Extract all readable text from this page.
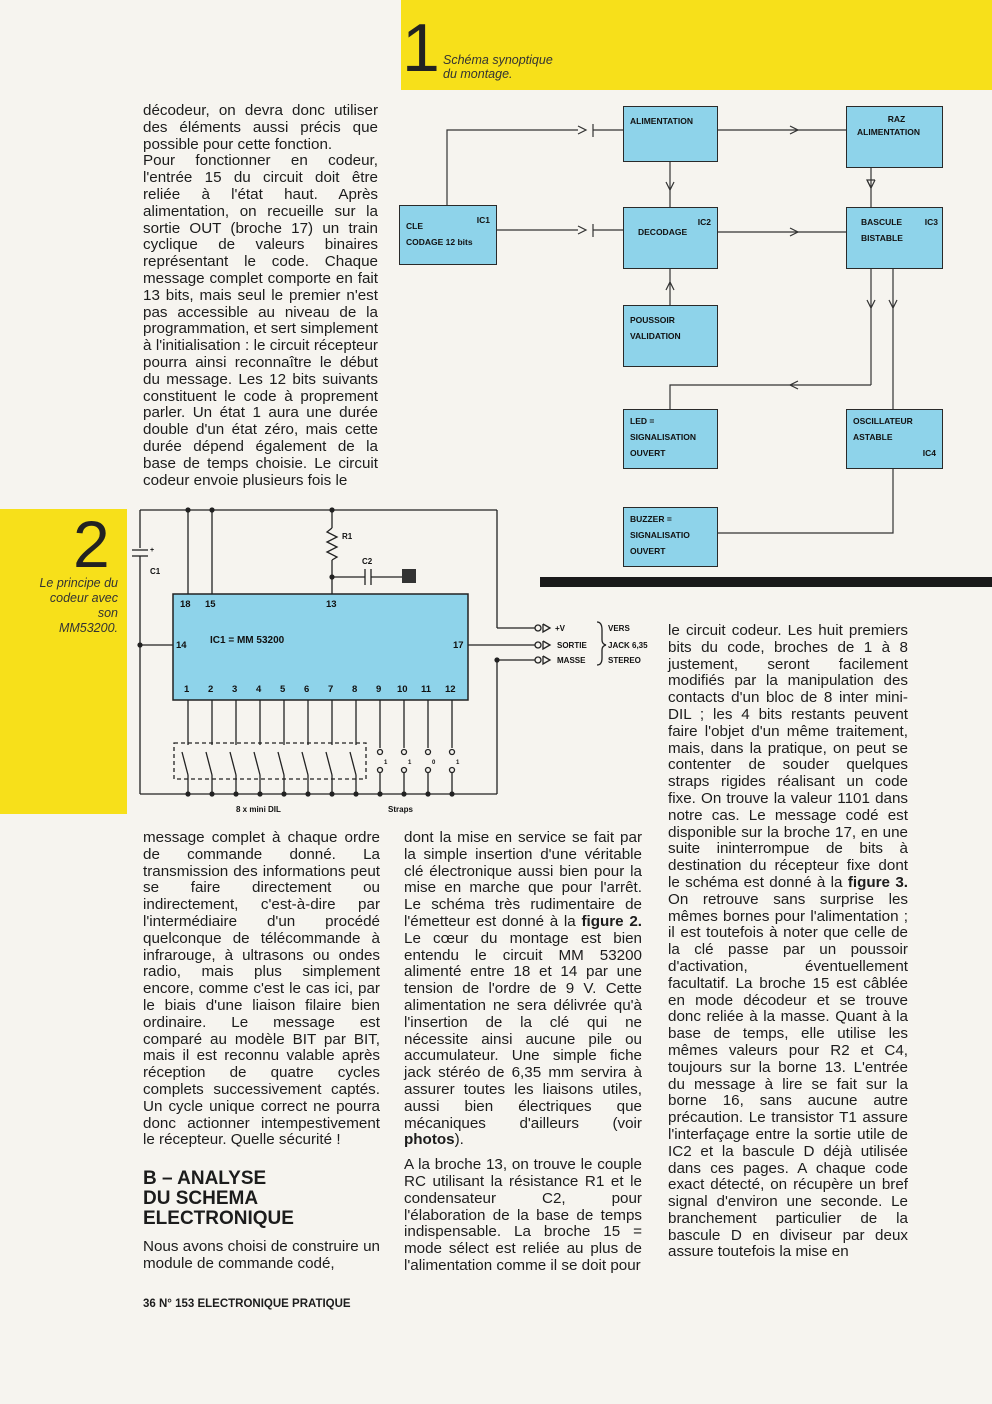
1 Schéma synoptique
du montage.
décodeur, on devra donc utiliser des éléments aussi précis que possible pour cette fonction.
Pour fonctionner en codeur, l'entrée 15 du circuit doit être reliée à l'état haut. Après alimentation, on recueille sur la sortie OUT (broche 17) un train cyclique de valeurs binaires représentant le code. Chaque message complet comporte en fait 13 bits, mais seul le premier n'est pas accessible au niveau de la programmation, et sert simplement à l'initialisation : le circuit récepteur pourra ainsi reconnaître le début du message. Les 12 bits suivants constituent le code à proprement parler. Un état 1 aura une durée double d'un état zéro, mais cette durée dépend également de la base de temps choisie. Le circuit codeur envoie plusieurs fois le
ALIMENTATION	RAZ
ALIMENTATION
IC1
CLE
CODAGE 12 bits
IC2
DECODAGE
IC3
BASCULE
BISTABLE
POUSSOIR
VALIDATION
LED =
SIGNALISATION
OUVERT
OSCILLATEUR
ASTABLE
IC4
BUZZER =
SIGNALISATIO
OUVERT
2
Le principe du
codeur avec
son
MM53200.
18 15	13
14	17
IC1 = MM 53200
1 2 3 4 5 6 7 8 9 10 11 12
R1
C1
C2
+V
SORTIE
MASSE
VERS
JACK 6,35
STEREO
8 x mini DIL	Straps
1	1	0	1
+

message complet à chaque ordre de commande donné. La transmission des informations peut se faire directement ou indirectement, c'est-à-dire par l'intermédiaire d'un procédé quelconque de télécommande à infrarouge, à ultrasons ou ondes radio, mais plus simplement encore, comme c'est le cas ici, par le biais d'une liaison filaire bien ordinaire. Le message est comparé au modèle BIT par BIT, mais il est reconnu valable après réception de quatre cycles complets successivement captés. Un cycle unique correct ne pourra donc actionner intempestivement le récepteur. Quelle sécurité !

B – ANALYSE
DU SCHEMA
ELECTRONIQUE

Nous avons choisi de construire un module de commande codé,

dont la mise en service se fait par la simple insertion d'une véritable clé électronique aussi bien pour la mise en marche que pour l'arrêt. Le schéma très rudimentaire de l'émetteur est donné à la figure 2. Le cœur du montage est bien entendu le circuit MM 53200 alimenté entre 18 et 14 par une tension de l'ordre de 9 V. Cette alimentation ne sera délivrée qu'à l'insertion de la clé qui ne nécessite ainsi aucune pile ou accumulateur. Une simple fiche jack stéréo de 6,35 mm servira à assurer toutes les liaisons utiles, aussi bien électriques que mécaniques d'ailleurs (voir photos).

A la broche 13, on trouve le couple RC utilisant la résistance R1 et le condensateur C2, pour l'élaboration de la base de temps indispensable. La broche 15 = mode sélect est reliée au plus de l'alimentation comme il se doit pour

le circuit codeur. Les huit premiers bits du code, broches de 1 à 8 justement, seront facilement modifiés par la manipulation des contacts d'un bloc de 8 inter mini-DIL ; les 4 bits restants peuvent faire l'objet d'un même traitement, mais, dans la pratique, on peut se contenter de souder quelques straps rigides réalisant un code fixe. On trouve la valeur 1101 dans notre cas. Le message codé est disponible sur la broche 17, en une suite ininterrompue de bits à destination du récepteur fixe dont le schéma est donné à la figure 3. On retrouve sans surprise les mêmes bornes pour l'alimentation ; il est toutefois à noter que celle de la clé passe par un poussoir d'activation, éventuellement facultatif. La broche 15 est câblée en mode décodeur et se trouve donc reliée à la masse. Quant à la base de temps, elle utilise les mêmes valeurs pour R2 et C4, toujours sur la borne 13. L'entrée du message à lire se fait sur la borne 16, sans aucune autre précaution. Le transistor T1 assure l'interfaçage entre la sortie utile de IC2 et la bascule D déjà utilisée dans ces pages. A chaque code exact détecté, on récupère un bref signal d'environ une seconde. Le branchement particulier de la bascule D en diviseur par deux assure toutefois la mise en

36 N° 153 ELECTRONIQUE PRATIQUE
